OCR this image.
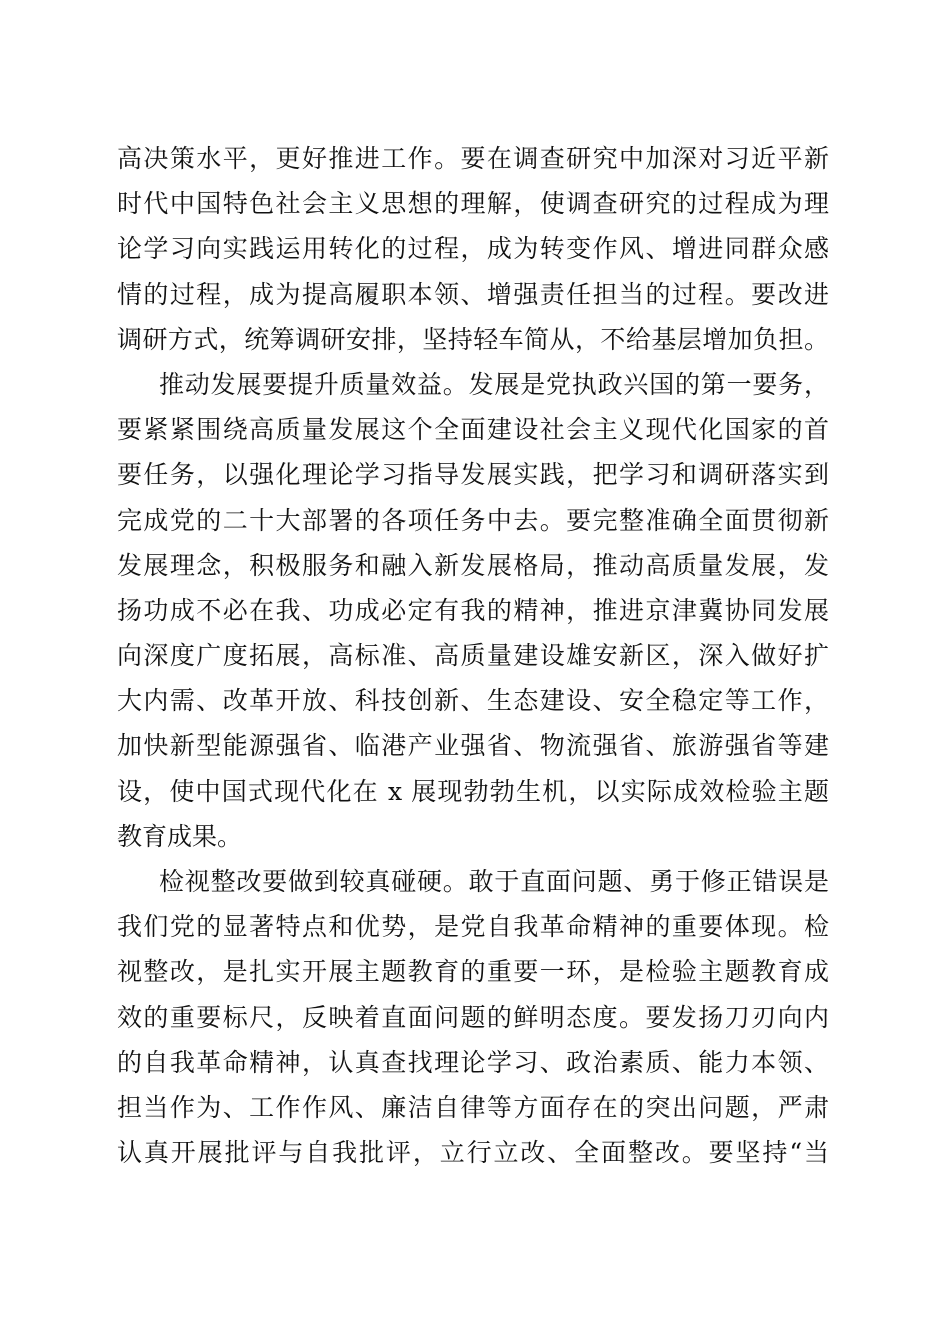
高决策水平，更好推进工作。要在调查研究中加深对习近平新
时代中国特色社会主义思想的理解，使调查研究的过程成为理
论学习向实践运用转化的过程，成为转变作风、增进同群众感
情的过程，成为提高履职本领、增强责任担当的过程。要改进
调研方式，统筹调研安排，坚持轻车简从，不给基层增加负担。
推动发展要提升质量效益。发展是党执政兴国的第一要务，
要紧紧围绕高质量发展这个全面建设社会主义现代化国家的首
要任务，以强化理论学习指导发展实践，把学习和调研落实到
完成党的二十大部署的各项任务中去。要完整准确全面贯彻新
发展理念，积极服务和融入新发展格局，推动高质量发展，发
扬功成不必在我、功成必定有我的精神，推进京津冀协同发展
向深度广度拓展，高标准、高质量建设雄安新区，深入做好扩
大内需、改革开放、科技创新、生态建设、安全稳定等工作，
加快新型能源强省、临港产业强省、物流强省、旅游强省等建
设，使中国式现代化在 x 展现勃勃生机，以实际成效检验主题
教育成果。
检视整改要做到较真碰硬。敢于直面问题、勇于修正错误是
我们党的显著特点和优势，是党自我革命精神的重要体现。检
视整改，是扎实开展主题教育的重要一环，是检验主题教育成
效的重要标尺，反映着直面问题的鲜明态度。要发扬刀刃向内
的自我革命精神，认真查找理论学习、政治素质、能力本领、
担当作为、工作作风、廉洁自律等方面存在的突出问题，严肃
认真开展批评与自我批评，立行立改、全面整改。要坚持“当
